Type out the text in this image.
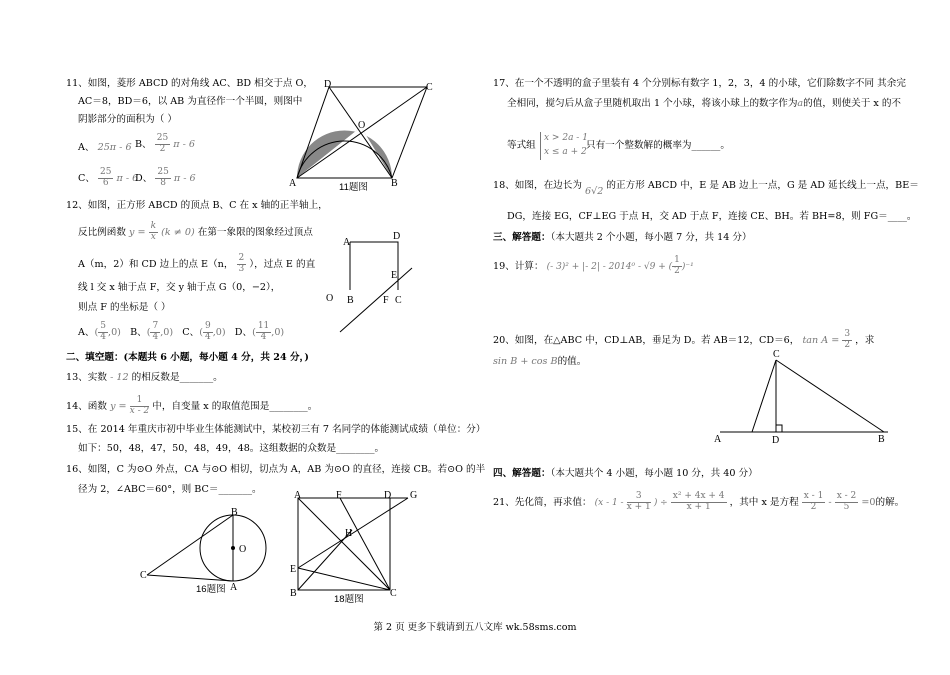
11、如图，菱形 ABCD 的对角线 AC、BD 相交于点 O，
AC＝8，BD＝6，以 AB 为直径作一个半圆，则图中
阴影部分的面积为（ ）
A、 25π - 6 B、 $\frac{25}{2}$ π - 6
C、 $\frac{25}{6}$ π - 6
D、 $\frac{25}{8}$ π - 6
D	C
O
A	B
11题图
12、如图，正方形 ABCD 的顶点 B、C 在 x 轴的正半轴上，
反比例函数 $y = \frac{k}{x} (k \ne 0)$ 在第一象限的图象经过顶点
A（m，2）和 CD 边上的点 E（n， $\frac{2}{3}$ ），过点 E 的直
线 l 交 x 轴于点 F，交 y 轴于点 G（0，−2），
则点 F 的坐标是（ ）
A、( $\frac{5}{4} ,0$) B、( $\frac{7}{4} ,0$) C、( $\frac{9}{4} ,0$) D、( $\frac{11}{4} ,0$)
A
D
E
O B	F C
二、填空题：(本题共 6 小题，每小题 4 分，共 24 分，)
13、实数 - 12 的相反数是_______。
14、函数 $y = \frac{1}{x - 2}$ 中，自变量 x 的取值范围是________。
15、在 2014 年重庆市初中毕业生体能测试中，某校初三有 7 名同学的体能测试成绩（单位：分）
如下：50，48，47，50，48，49，48。这组数据的众数是________。
16、如图，C 为⊙O 外点，CA 与⊙O 相切，切点为 A，AB 为⊙O 的直径，连接 CB。若⊙O 的半
径为 2，∠ABC＝60°，则 BC＝_______。
B
O
C
A
16题图
A	F	D G
H
E
B	C
18题图
17、在一个不透明的盒子里装有 4 个分别标有数字 1，2，3，4 的小球，它们除数字不同 其余完
全相同，搅匀后从盒子里随机取出 1 个小球，将该小球上的数字作为a的值，则使关于 x 的不
等式组
x > 2a - 1
x ≤ a + 2
只有一个整数解的概率为______。
18、如图，在边长为 6√2 的正方形 ABCD 中，E 是 AB 边上一点，G 是 AD 延长线上一点，BE＝
DG，连接 EG，CF⊥EG 于点 H，交 AD 于点 F，连接 CE、BH。若 BH=8，则 FG＝____。
三、解答题：（本大题共 2 个小题，每小题 7 分，共 14 分）
19、计算： (- 3)² + |- 2| - 2014⁰ - √9 + ( $\frac{1}{2} )^{-1}$
20、如图，在△ABC 中，CD⊥AB，垂足为 D。若 AB＝12，CD＝6， $\tan A = \frac{3}{2}$ ，求
sin B + cos B的值。
C
A	D	B
四、解答题：（本大题共个 4 小题，每小题 10 分，共 40 分）
21、先化简，再求值： ($x - 1 - \frac{3}{x + 1}$ ) ÷ $\frac{\text{x² + 4x + 4}}{x + 1}$ ，其中 x 是方程 $\frac{x - 1}{2} - \frac{x - 2}{5} =0$的解。
第 2 页 更多下载请到五八文库 wk.58sms.com
